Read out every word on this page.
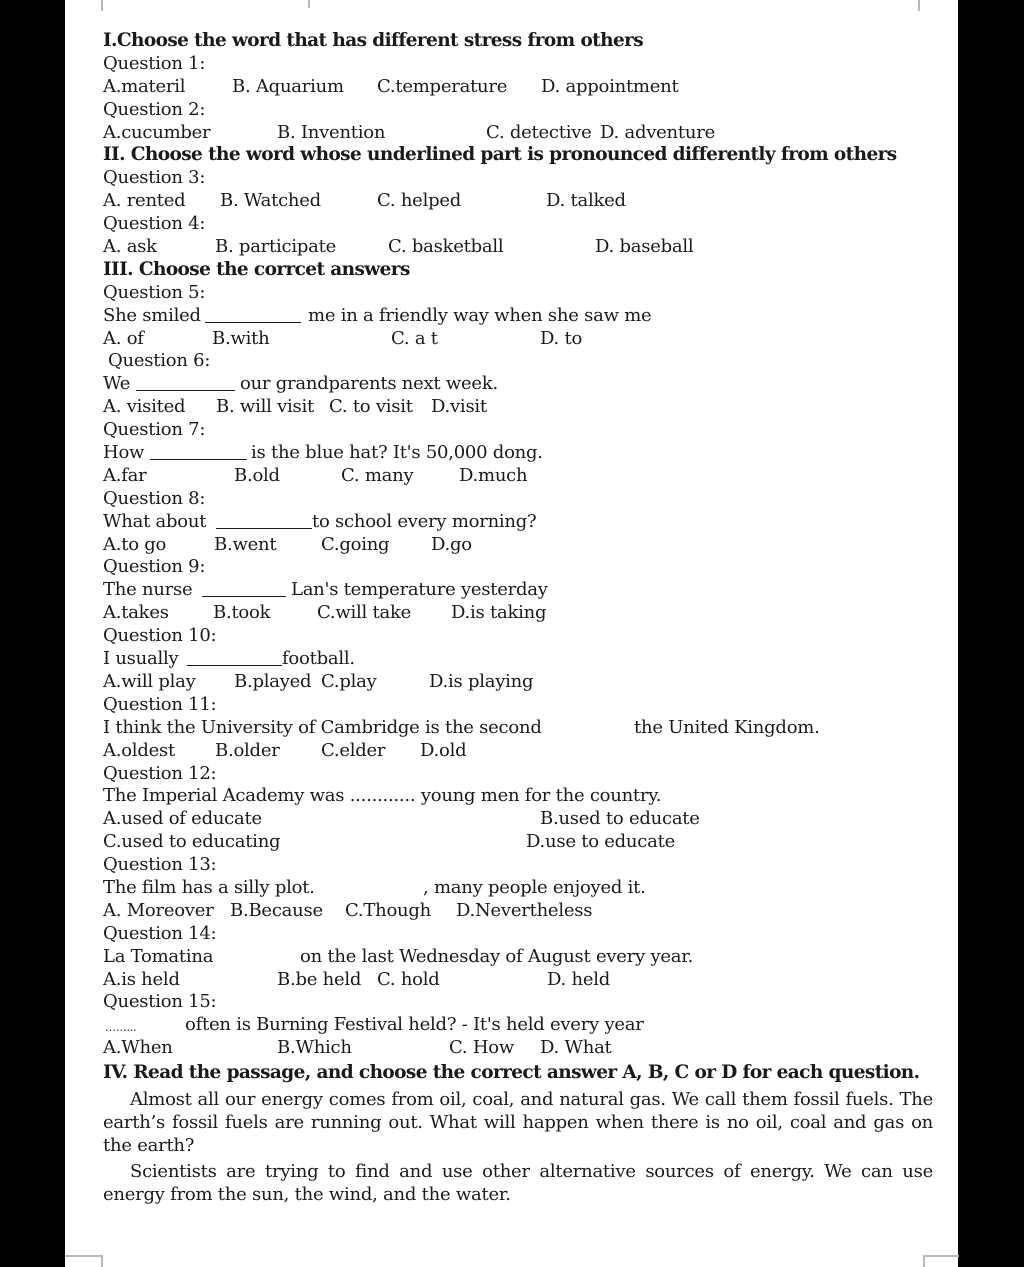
I.Choose the word that has different stress from others
Question 1:
A.materil	B. Aquarium C.temperature D. appointment
Question 2:
A.cucumber	B. Invention	C. detective D. adventure
II. Choose the word whose underlined part is pronounced differently from others
Question 3:
A. rented B. Watched	C. helped	D. talked
Question 4:
A. ask	B. participate	C. basketball	D. baseball
III. Choose the corrcet answers
Question 5:
She smiled	me in a friendly way when she saw me
A. of	B.with	C. a t	D. to
Question 6:
We	our grandparents next week.
A. visited B. will visit C. to visit D.visit
Question 7:
How	is the blue hat? It's 50,000 dong.
A.far	B.old	C. many	D.much
Question 8:
What about	to school every morning?
A.to go	B.went C.going D.go
Question 9:
The nurse	Lan's temperature yesterday
A.takes B.took	C.will take D.is taking
Question 10:
I usually	football.
A.will play B.played C.play	D.is playing
Question 11:
I think the University of Cambridge is the second	the United Kingdom.
A.oldest B.older C.elder D.old
Question 12:
The Imperial Academy was ............ young men for the country.
A.used of educate	B.used to educate
C.used to educating	D.use to educate
Question 13:
The film has a silly plot.	, many people enjoyed it.
A. Moreover B.Because C.Though D.Nevertheless
Question 14:
La Tomatina	on the last Wednesday of August every year.
A.is held	B.be held C. hold	D. held
Question 15:
……...	often is Burning Festival held? - It's held every year
A.When	B.Which	C. How D. What
IV. Read the passage, and choose the correct answer A, B, C or D for each question.
Almost all our energy comes from oil, coal, and natural gas. We call them fossil fuels. The earth’s fossil fuels are running out. What will happen when there is no oil, coal and gas on the earth?
Scientists are trying to find and use other alternative sources of energy. We can use energy from the sun, the wind, and the water.
